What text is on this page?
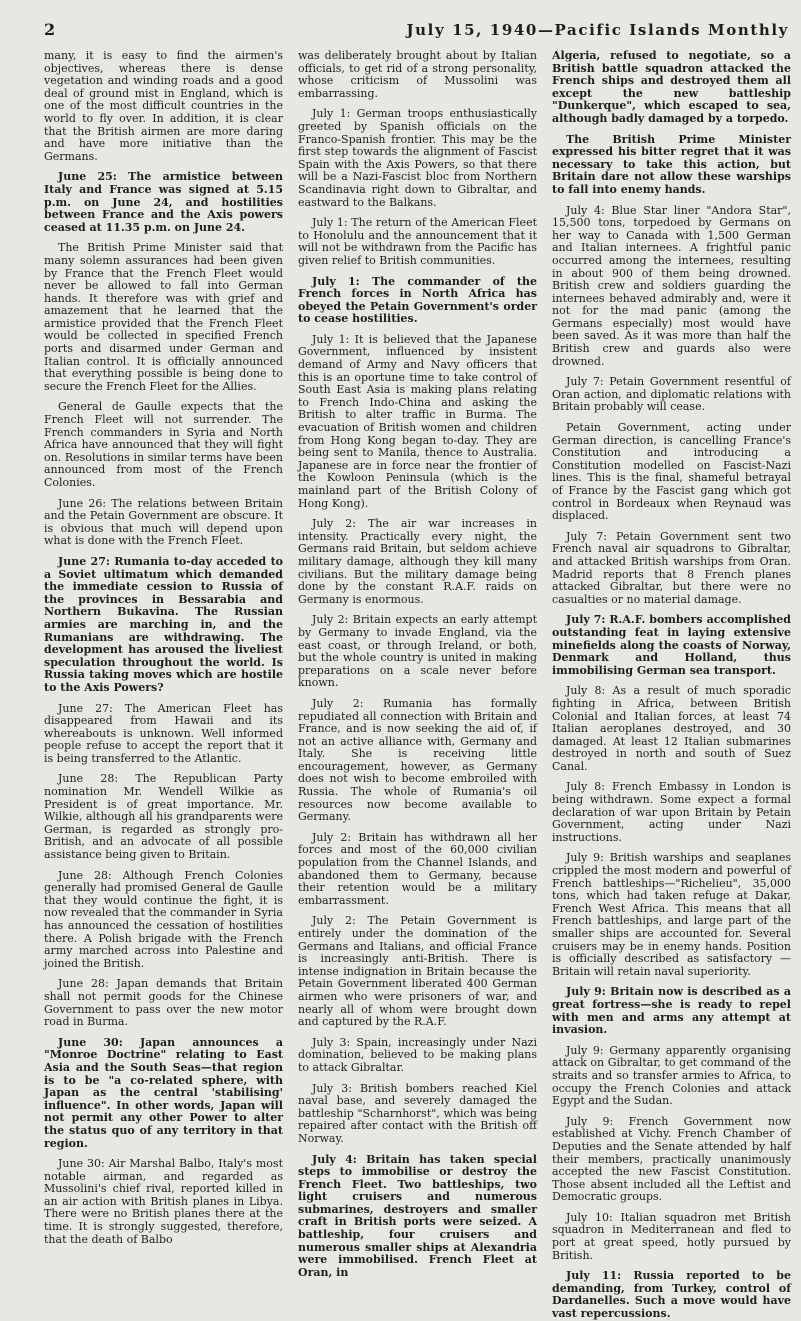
2	July 15, 1940—Pacific Islands Monthly

many, it is easy to find the airmen's objectives, whereas there is dense vegetation and winding roads and a good deal of ground mist in England, which is one of the most difficult countries in the world to fly over. In addition, it is clear that the British airmen are more daring and have more initiative than the Germans.

June 25: The armistice between Italy and France was signed at 5.15 p.m. on June 24, and hostilities between France and the Axis powers ceased at 11.35 p.m. on June 24.

The British Prime Minister said that many solemn assurances had been given by France that the French Fleet would never be allowed to fall into German hands. It therefore was with grief and amazement that he learned that the armistice provided that the French Fleet would be collected in specified French ports and disarmed under German and Italian control. It is officially announced that everything possible is being done to secure the French Fleet for the Allies.

General de Gaulle expects that the French Fleet will not surrender. The French commanders in Syria and North Africa have announced that they will fight on. Resolutions in similar terms have been announced from most of the French Colonies.

June 26: The relations between Britain and the Petain Government are obscure. It is obvious that much will depend upon what is done with the French Fleet.

June 27: Rumania to-day acceded to a Soviet ultimatum which demanded the immediate cession to Russia of the provinces in Bessarabia and Northern Bukavina. The Russian armies are marching in, and the Rumanians are withdrawing. The development has aroused the liveliest speculation throughout the world. Is Russia taking moves which are hostile to the Axis Powers?

June 27: The American Fleet has disappeared from Hawaii and its whereabouts is unknown. Well informed people refuse to accept the report that it is being transferred to the Atlantic.

June 28: The Republican Party nomination Mr. Wendell Wilkie as President is of great importance. Mr. Wilkie, although all his grandparents were German, is regarded as strongly pro-British, and an advocate of all possible assistance being given to Britain.

June 28: Although French Colonies generally had promised General de Gaulle that they would continue the fight, it is now revealed that the commander in Syria has announced the cessation of hostilities there. A Polish brigade with the French army marched across into Palestine and joined the British.

June 28: Japan demands that Britain shall not permit goods for the Chinese Government to pass over the new motor road in Burma.

June 30: Japan announces a "Monroe Doctrine" relating to East Asia and the South Seas—that region is to be "a co-related sphere, with Japan as the central 'stabilising' influence". In other words, Japan will not permit any other Power to alter the status quo of any territory in that region.

June 30: Air Marshal Balbo, Italy's most notable airman, and regarded as Mussolini's chief rival, reported killed in an air action with British planes in Libya. There were no British planes there at the time. It is strongly suggested, therefore, that the death of Balbo

was deliberately brought about by Italian officials, to get rid of a strong personality, whose criticism of Mussolini was embarrassing.

July 1: German troops enthusiastically greeted by Spanish officials on the Franco-Spanish frontier. This may be the first step towards the alignment of Fascist Spain with the Axis Powers, so that there will be a Nazi-Fascist bloc from Northern Scandinavia right down to Gibraltar, and eastward to the Balkans.

July 1: The return of the American Fleet to Honolulu and the announcement that it will not be withdrawn from the Pacific has given relief to British communities.

July 1: The commander of the French forces in North Africa has obeyed the Petain Government's order to cease hostilities.

July 1: It is believed that the Japanese Government, influenced by insistent demand of Army and Navy officers that this is an oportune time to take control of South East Asia is making plans relating to French Indo-China and asking the British to alter traffic in Burma. The evacuation of British women and children from Hong Kong began to-day. They are being sent to Manila, thence to Australia. Japanese are in force near the frontier of the Kowloon Peninsula (which is the mainland part of the British Colony of Hong Kong).

July 2: The air war increases in intensity. Practically every night, the Germans raid Britain, but seldom achieve military damage, although they kill many civilians. But the military damage being done by the constant R.A.F. raids on Germany is enormous.

July 2: Britain expects an early attempt by Germany to invade England, via the east coast, or through Ireland, or both, but the whole country is united in making preparations on a scale never before known.

July 2: Rumania has formally repudiated all connection with Britain and France, and is now seeking the aid of, if not an active alliance with, Germany and Italy. She is receiving little encouragement, however, as Germany does not wish to become embroiled with Russia. The whole of Rumania's oil resources now become available to Germany.

July 2: Britain has withdrawn all her forces and most of the 60,000 civilian population from the Channel Islands, and abandoned them to Germany, because their retention would be a military embarrassment.

July 2: The Petain Government is entirely under the domination of the Germans and Italians, and official France is increasingly anti-British. There is intense indignation in Britain because the Petain Government liberated 400 German airmen who were prisoners of war, and nearly all of whom were brought down and captured by the R.A.F.

July 3: Spain, increasingly under Nazi domination, believed to be making plans to attack Gibraltar.

July 3: British bombers reached Kiel naval base, and severely damaged the battleship "Scharnhorst", which was being repaired after contact with the British off Norway.

July 4: Britain has taken special steps to immobilise or destroy the French Fleet. Two battleships, two light cruisers and numerous submarines, destroyers and smaller craft in British ports were seized. A battleship, four cruisers and numerous smaller ships at Alexandria were immobilised. French Fleet at Oran, in

Algeria, refused to negotiate, so a British battle squadron attacked the French ships and destroyed them all except the new battleship "Dunkerque", which escaped to sea, although badly damaged by a torpedo.

The British Prime Minister expressed his bitter regret that it was necessary to take this action, but Britain dare not allow these warships to fall into enemy hands.

July 4: Blue Star liner "Andora Star", 15,500 tons, torpedoed by Germans on her way to Canada with 1,500 German and Italian internees. A frightful panic occurred among the internees, resulting in about 900 of them being drowned. British crew and soldiers guarding the internees behaved admirably and, were it not for the mad panic (among the Germans especially) most would have been saved. As it was more than half the British crew and guards also were drowned.

July 7: Petain Government resentful of Oran action, and diplomatic relations with Britain probably will cease.

Petain Government, acting under German direction, is cancelling France's Constitution and introducing a Constitution modelled on Fascist-Nazi lines. This is the final, shameful betrayal of France by the Fascist gang which got control in Bordeaux when Reynaud was displaced.

July 7: Petain Government sent two French naval air squadrons to Gibraltar, and attacked British warships from Oran. Madrid reports that 8 French planes attacked Gibraltar, but there were no casualties or no material damage.

July 7: R.A.F. bombers accomplished outstanding feat in laying extensive minefields along the coasts of Norway, Denmark and Holland, thus immobilising German sea transport.

July 8: As a result of much sporadic fighting in Africa, between British Colonial and Italian forces, at least 74 Italian aeroplanes destroyed, and 30 damaged. At least 12 Italian submarines destroyed in north and south of Suez Canal.

July 8: French Embassy in London is being withdrawn. Some expect a formal declaration of war upon Britain by Petain Government, acting under Nazi instructions.

July 9: British warships and seaplanes crippled the most modern and powerful of French battleships—"Richelieu", 35,000 tons, which had taken refuge at Dakar, French West Africa. This means that all French battleships, and large part of the smaller ships are accounted for. Several cruisers may be in enemy hands. Position is officially described as satisfactory —Britain will retain naval superiority.

July 9: Britain now is described as a great fortress—she is ready to repel with men and arms any attempt at invasion.

July 9: Germany apparently organising attack on Gibraltar, to get command of the straits and so transfer armies to Africa, to occupy the French Colonies and attack Egypt and the Sudan.

July 9: French Government now established at Vichy. French Chamber of Deputies and the Senate attended by half their members, practically unanimously accepted the new Fascist Constitution. Those absent included all the Leftist and Democratic groups.

July 10: Italian squadron met British squadron in Mediterranean and fled to port at great speed, hotly pursued by British.

July 11: Russia reported to be demanding, from Turkey, control of Dardanelles. Such a move would have vast repercussions.
